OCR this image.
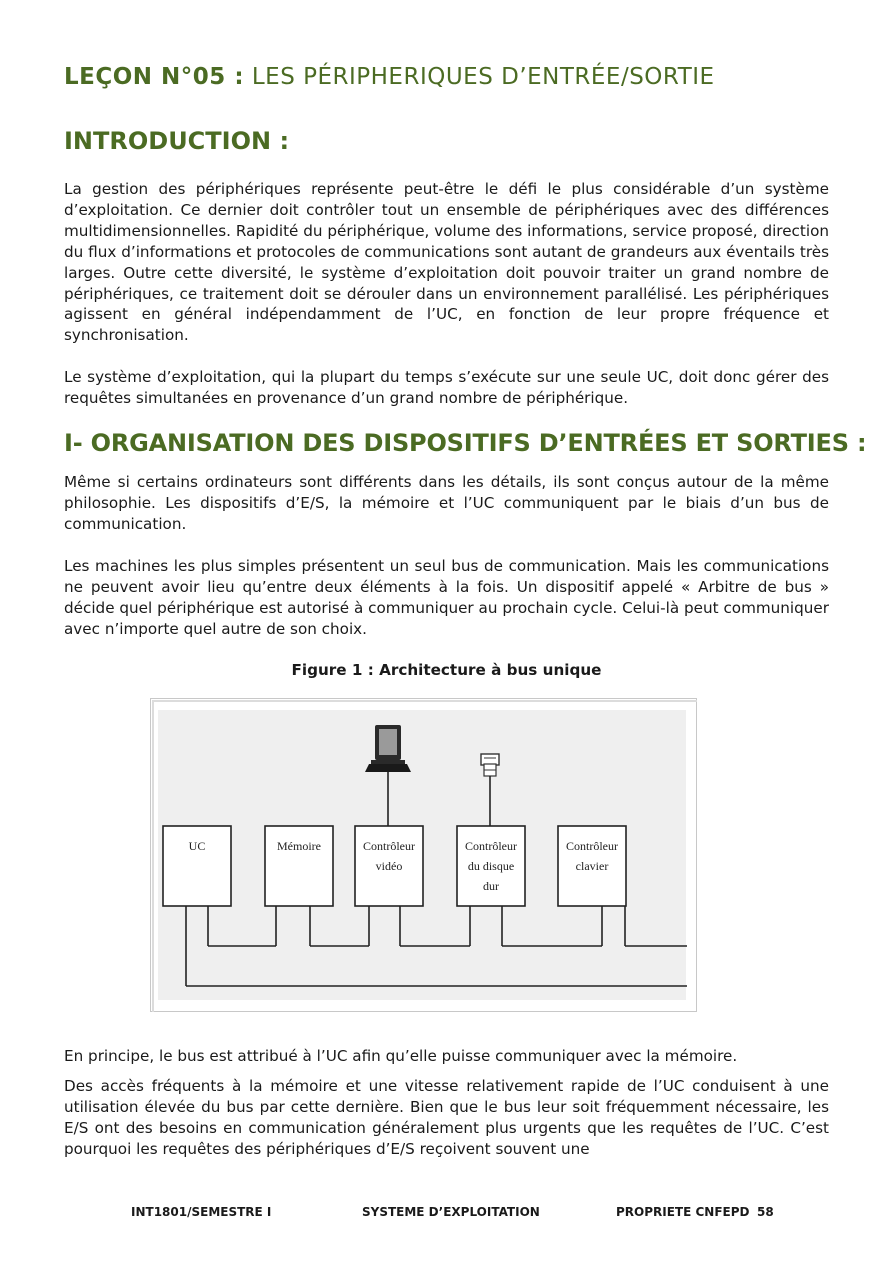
LEÇON N°05 : LES PÉRIPHERIQUES D’ENTRÉE/SORTIE
INTRODUCTION :

La gestion des périphériques représente peut-être le défi le plus considérable d’un système d’exploitation. Ce dernier doit contrôler tout un ensemble de périphériques avec des différences multidimensionnelles. Rapidité du périphérique, volume des informations, service proposé, direction du flux d’informations et protocoles de communications sont autant de grandeurs aux éventails très larges. Outre cette diversité, le système d’exploitation doit pouvoir traiter un grand nombre de périphériques, ce traitement doit se dérouler dans un environnement parallélisé. Les périphériques agissent en général indépendamment de l’UC, en fonction de leur propre fréquence et synchronisation.

Le système d’exploitation, qui la plupart du temps s’exécute sur une seule UC, doit donc gérer des requêtes simultanées en provenance d’un grand nombre de périphérique.

I- ORGANISATION DES DISPOSITIFS D’ENTRÉES ET SORTIES :

Même si certains ordinateurs sont différents dans les détails, ils sont conçus autour de la même philosophie. Les dispositifs d’E/S, la mémoire et l’UC communiquent par le biais d’un bus de communication.

Les machines les plus simples présentent un seul bus de communication. Mais les communications ne peuvent avoir lieu qu’entre deux éléments à la fois. Un dispositif appelé « Arbitre de bus » décide quel périphérique est autorisé à communiquer au prochain cycle. Celui-là peut communiquer avec n’importe quel autre de son choix.

Figure 1 : Architecture à bus unique
UC	Mémoire	Contrôleur
vidéo
Contrôleur
du disque
dur
Contrôleur
clavier

En principe, le bus est attribué à l’UC afin qu’elle puisse communiquer avec la mémoire.

Des accès fréquents à la mémoire et une vitesse relativement rapide de l’UC conduisent à une utilisation élevée du bus par cette dernière. Bien que le bus leur soit fréquemment nécessaire, les E/S ont des besoins en communication généralement plus urgents que les requêtes de l’UC. C’est pourquoi les requêtes des périphériques d’E/S reçoivent souvent une

INT1801/SEMESTRE I	SYSTEME D’EXPLOITATION	PROPRIETE CNFEPD 58
